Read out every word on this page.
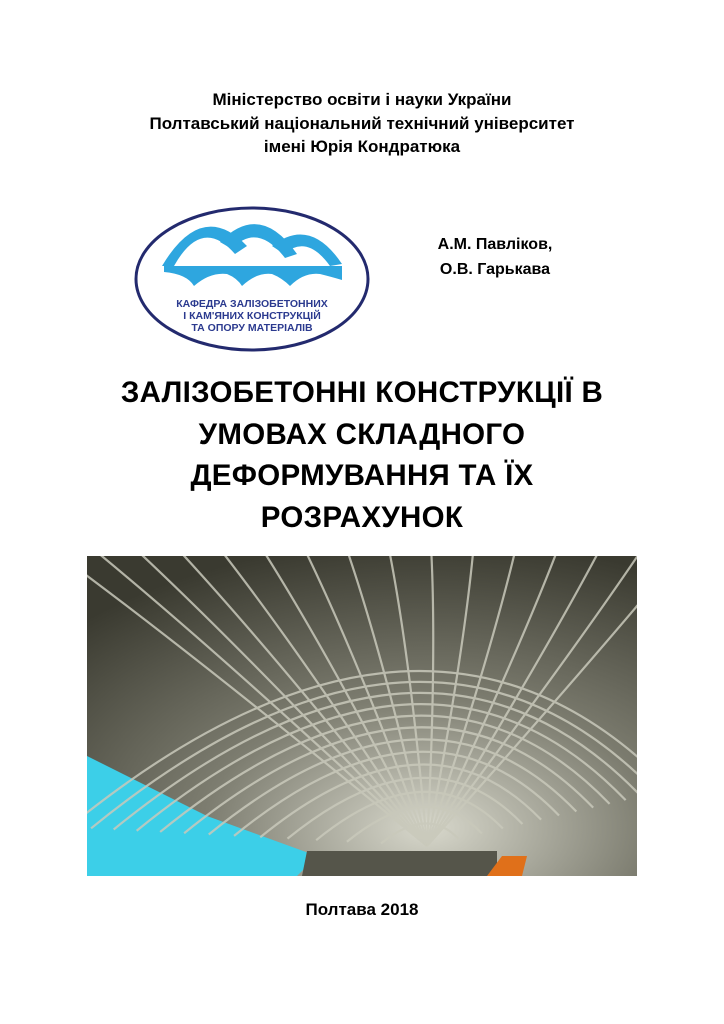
Міністерство освіти і науки України
Полтавський національний технічний університет
імені Юрія Кондратюка
КАФЕДРА ЗАЛІЗОБЕТОННИХ
І КАМ'ЯНИХ КОНСТРУКЦІЙ
ТА ОПОРУ МАТЕРІАЛІВ
А.М. Павліков,
О.В. Гарькава
ЗАЛІЗОБЕТОННІ КОНСТРУКЦІЇ В
УМОВАХ СКЛАДНОГО
ДЕФОРМУВАННЯ ТА ЇХ
РОЗРАХУНОК
Полтава 2018
